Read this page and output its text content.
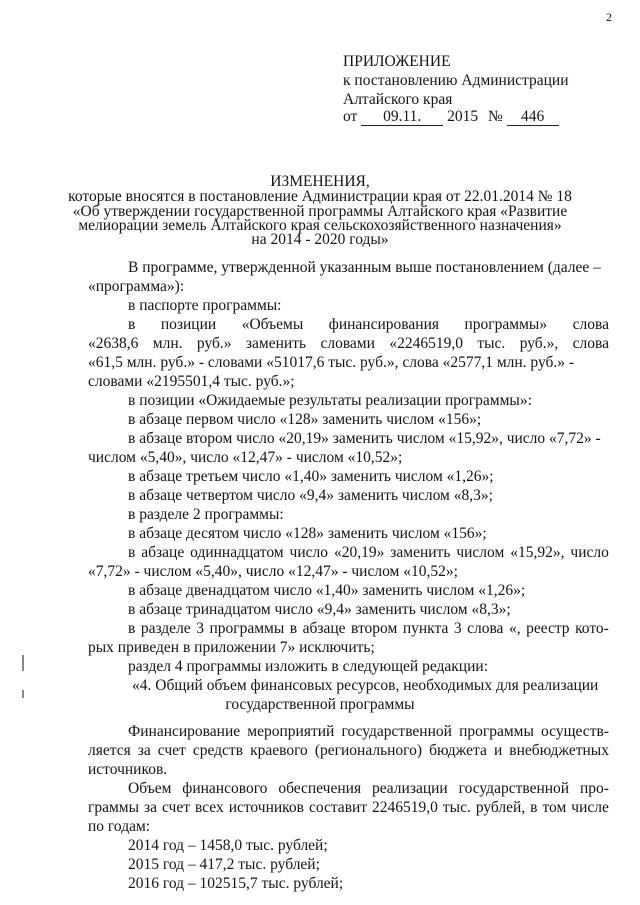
2
ПРИЛОЖЕНИЕ
к постановлению Администрации
Алтайского края
от 09.11. 2015 № 446
ИЗМЕНЕНИЯ,
которые вносятся в постановление Администрации края от 22.01.2014 № 18
«Об утверждении государственной программы Алтайского края «Развитие
мелиорации земель Алтайского края сельскохозяйственного назначения»
на 2014 - 2020 годы»
В программе, утвержденной указанным выше постановлением (далее –
«программа»):
в паспорте программы:
в позиции «Объемы финансирования программы» слова
«2638,6 млн. руб.» заменить словами «2246519,0 тыс. руб.», слова
«61,5 млн. руб.» - словами «51017,6 тыс. руб.», слова «2577,1 млн. руб.» -
словами «2195501,4 тыс. руб.»;
в позиции «Ожидаемые результаты реализации программы»:
в абзаце первом число «128» заменить числом «156»;
в абзаце втором число «20,19» заменить числом «15,92», число «7,72» -
числом «5,40», число «12,47» - числом «10,52»;
в абзаце третьем число «1,40» заменить числом «1,26»;
в абзаце четвертом число «9,4» заменить числом «8,3»;
в разделе 2 программы:
в абзаце десятом число «128» заменить числом «156»;
в абзаце одиннадцатом число «20,19» заменить числом «15,92», число
«7,72» - числом «5,40», число «12,47» - числом «10,52»;
в абзаце двенадцатом число «1,40» заменить числом «1,26»;
в абзаце тринадцатом число «9,4» заменить числом «8,3»;
в разделе 3 программы в абзаце втором пункта 3 слова «, реестр кото-
рых приведен в приложении 7» исключить;
раздел 4 программы изложить в следующей редакции:
«4. Общий объем финансовых ресурсов, необходимых для реализации
государственной программы
Финансирование мероприятий государственной программы осуществ-
ляется за счет средств краевого (регионального) бюджета и внебюджетных
источников.
Объем финансового обеспечения реализации государственной про-
граммы за счет всех источников составит 2246519,0 тыс. рублей, в том числе
по годам:
2014 год – 1458,0 тыс. рублей;
2015 год – 417,2 тыс. рублей;
2016 год – 102515,7 тыс. рублей;
